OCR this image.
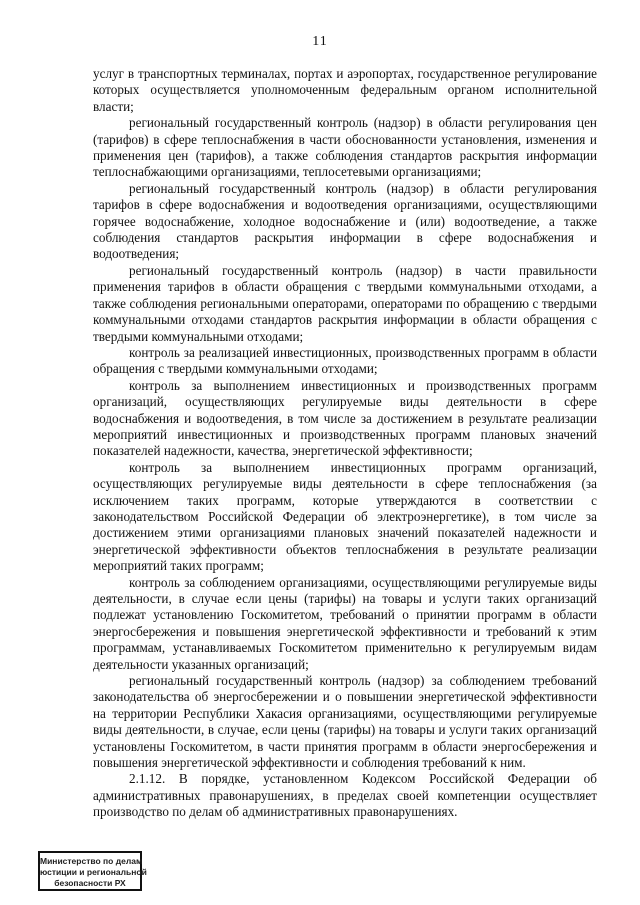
11

услуг в транспортных терминалах, портах и аэропортах, государственное регулирование которых осуществляется уполномоченным федеральным органом исполнительной власти;

региональный государственный контроль (надзор) в области регулирования цен (тарифов) в сфере теплоснабжения в части обоснованности установления, изменения и применения цен (тарифов), а также соблюдения стандартов раскрытия информации теплоснабжающими организациями, теплосетевыми организациями;

региональный государственный контроль (надзор) в области регулирования тарифов в сфере водоснабжения и водоотведения организациями, осуществляющими горячее водоснабжение, холодное водоснабжение и (или) водоотведение, а также соблюдения стандартов раскрытия информации в сфере водоснабжения и водоотведения;

региональный государственный контроль (надзор) в части правильности применения тарифов в области обращения с твердыми коммунальными отходами, а также соблюдения региональными операторами, операторами по обращению с твердыми коммунальными отходами стандартов раскрытия информации в области обращения с твердыми коммунальными отходами;

контроль за реализацией инвестиционных, производственных программ в области обращения с твердыми коммунальными отходами;

контроль за выполнением инвестиционных и производственных программ организаций, осуществляющих регулируемые виды деятельности в сфере водоснабжения и водоотведения, в том числе за достижением в результате реализации мероприятий инвестиционных и производственных программ плановых значений показателей надежности, качества, энергетической эффективности;

контроль за выполнением инвестиционных программ организаций, осуществляющих регулируемые виды деятельности в сфере теплоснабжения (за исключением таких программ, которые утверждаются в соответствии с законодательством Российской Федерации об электроэнергетике), в том числе за достижением этими организациями плановых значений показателей надежности и энергетической эффективности объектов теплоснабжения в результате реализации мероприятий таких программ;

контроль за соблюдением организациями, осуществляющими регулируемые виды деятельности, в случае если цены (тарифы) на товары и услуги таких организаций подлежат установлению Госкомитетом, требований о принятии программ в области энергосбережения и повышения энергетической эффективности и требований к этим программам, устанавливаемых Госкомитетом применительно к регулируемым видам деятельности указанных организаций;

региональный государственный контроль (надзор) за соблюдением требований законодательства об энергосбережении и о повышении энергетической эффективности на территории Республики Хакасия организациями, осуществляющими регулируемые виды деятельности, в случае, если цены (тарифы) на товары и услуги таких организаций установлены Госкомитетом, в части принятия программ в области энергосбережения и повышения энергетической эффективности и соблюдения требований к ним.

2.1.12. В порядке, установленном Кодексом Российской Федерации об административных правонарушениях, в пределах своей компетенции осуществляет производство по делам об административных правонарушениях.

Министерство по делам
юстиции и региональной
безопасности РХ
